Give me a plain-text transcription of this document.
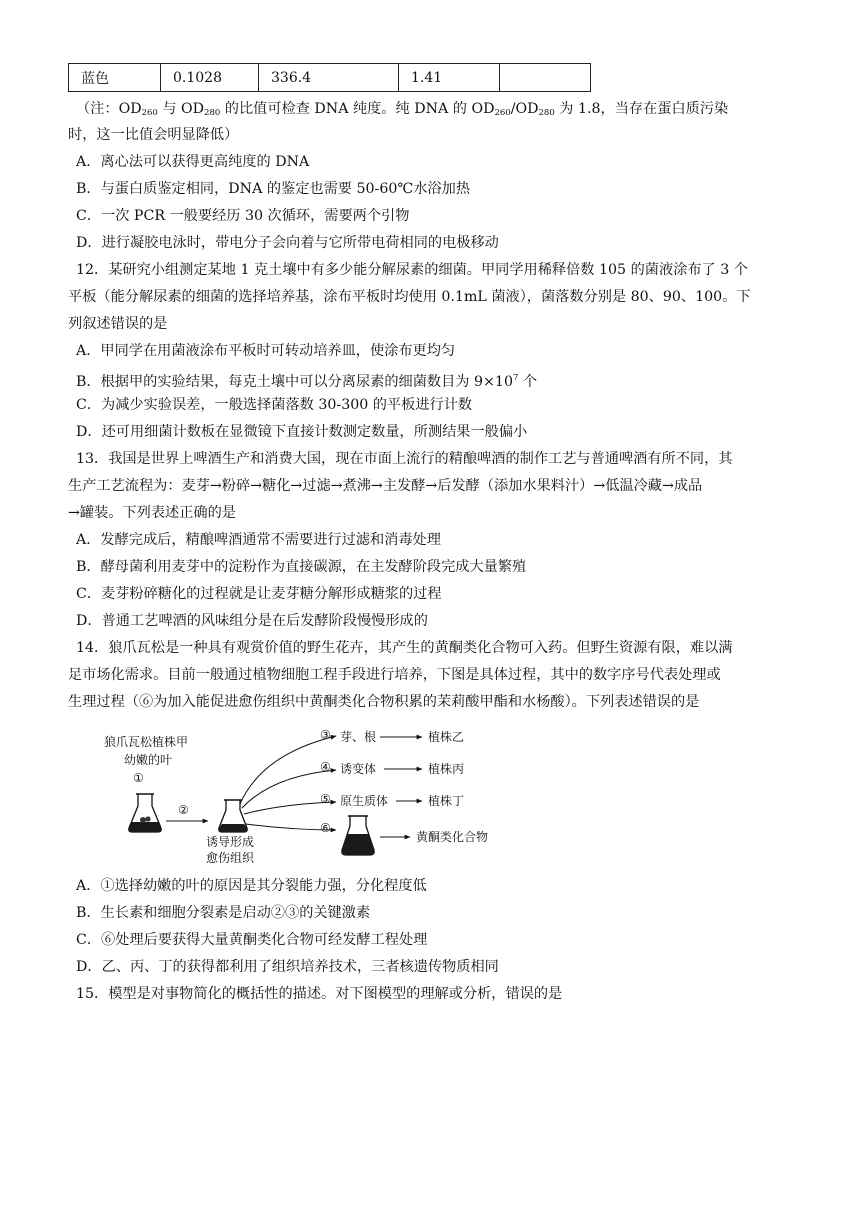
蓝色	0.1028	336.4	1.41	
（注：$OD_{260}$ 与 $OD_{280}$ 的比值可检查 DNA 纯度。纯 DNA 的 $OD_{260}/OD_{280}$ 为 1.8，当存在蛋白质污染
时，这一比值会明显降低）
A．离心法可以获得更高纯度的 DNA
B．与蛋白质鉴定相同，DNA 的鉴定也需要 50-60℃水浴加热
C．一次 PCR 一般要经历 30 次循环，需要两个引物
D．进行凝胶电泳时，带电分子会向着与它所带电荷相同的电极移动
12．某研究小组测定某地 1 克土壤中有多少能分解尿素的细菌。甲同学用稀释倍数 105 的菌液涂布了 3 个
平板（能分解尿素的细菌的选择培养基，涂布平板时均使用 0.1mL 菌液），菌落数分别是 80、90、100。下
列叙述错误的是
A．甲同学在用菌液涂布平板时可转动培养皿，使涂布更均匀
B．根据甲的实验结果，每克土壤中可以分离尿素的细菌数目为 $9\times 10^7$ 个
C．为减少实验误差，一般选择菌落数 30-300 的平板进行计数
D．还可用细菌计数板在显微镜下直接计数测定数量，所测结果一般偏小
13．我国是世界上啤酒生产和消费大国，现在市面上流行的精酿啤酒的制作工艺与普通啤酒有所不同，其
生产工艺流程为：麦芽→粉碎→糖化→过滤→煮沸→主发酵→后发酵（添加水果料汁）→低温冷藏→成品
→罐装。下列表述正确的是
A．发酵完成后，精酿啤酒通常不需要进行过滤和消毒处理
B．酵母菌利用麦芽中的淀粉作为直接碳源，在主发酵阶段完成大量繁殖
C．麦芽粉碎糖化的过程就是让麦芽糖分解形成糖浆的过程
D．普通工艺啤酒的风味组分是在后发酵阶段慢慢形成的
14．狼爪瓦松是一种具有观赏价值的野生花卉，其产生的黄酮类化合物可入药。但野生资源有限，难以满
足市场化需求。目前一般通过植物细胞工程手段进行培养，下图是具体过程，其中的数字序号代表处理或
生理过程（⑥为加入能促进愈伤组织中黄酮类化合物积累的茉莉酸甲酯和水杨酸）。下列表述错误的是
狼爪瓦松植株甲
幼嫩的叶
①
②
诱导形成
愈伤组织
③
④
⑤
⑥
芽、根	植株乙
诱变体	植株丙
原生质体	植株丁
黄酮类化合物
A．①选择幼嫩的叶的原因是其分裂能力强，分化程度低
B．生长素和细胞分裂素是启动②③的关键激素
C．⑥处理后要获得大量黄酮类化合物可经发酵工程处理
D．乙、丙、丁的获得都利用了组织培养技术，三者核遗传物质相同
15．模型是对事物简化的概括性的描述。对下图模型的理解或分析，错误的是
